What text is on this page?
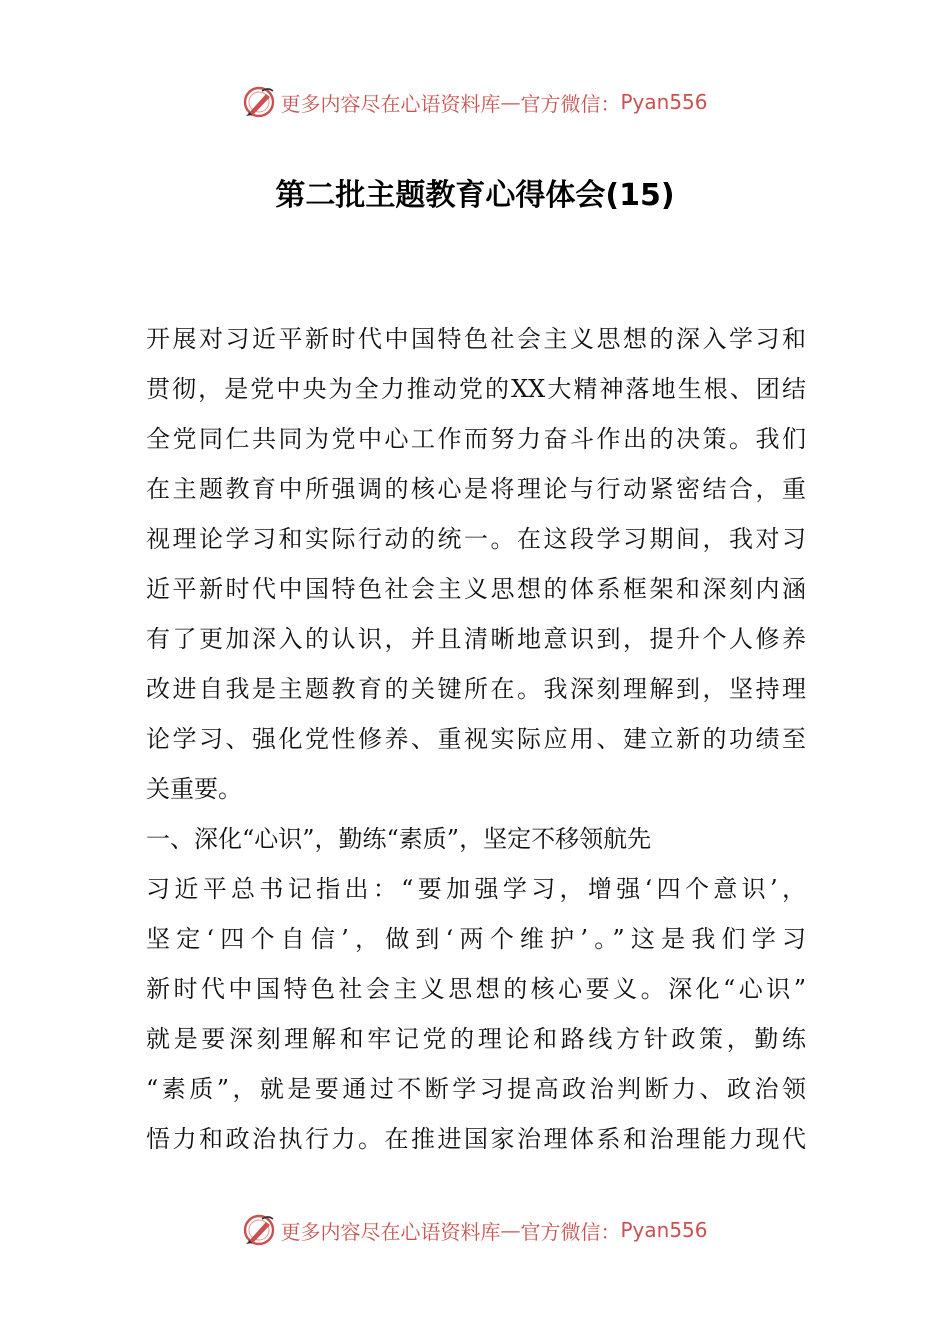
更多内容尽在心语资料库 — 官方微信： Pyan556
第二批主题教育心得体会(15)
开展对习近平新时代中国特色社会主义思想的深入学习和
贯彻，是党中央为全力推动党的XX大精神落地生根、团结
全党同仁共同为党中心工作而努力奋斗作出的决策。我们
在主题教育中所强调的核心是将理论与行动紧密结合，重
视理论学习和实际行动的统一。在这段学习期间，我对习
近平新时代中国特色社会主义思想的体系框架和深刻内涵
有了更加深入的认识，并且清晰地意识到，提升个人修养
改进自我是主题教育的关键所在。我深刻理解到，坚持理
论学习、强化党性修养、重视实际应用、建立新的功绩至
关重要。
一、深化“心识”，勤练“素质”，坚定不移领航先
习近平总书记指出：“要加强学习，增强‘四个意识’，
坚定‘四个自信’，做到‘两个维护’。”这是我们学习
新时代中国特色社会主义思想的核心要义。深化“心识”
就是要深刻理解和牢记党的理论和路线方针政策，勤练
“素质”，就是要通过不断学习提高政治判断力、政治领
悟力和政治执行力。在推进国家治理体系和治理能力现代
更多内容尽在心语资料库 — 官方微信： Pyan556
